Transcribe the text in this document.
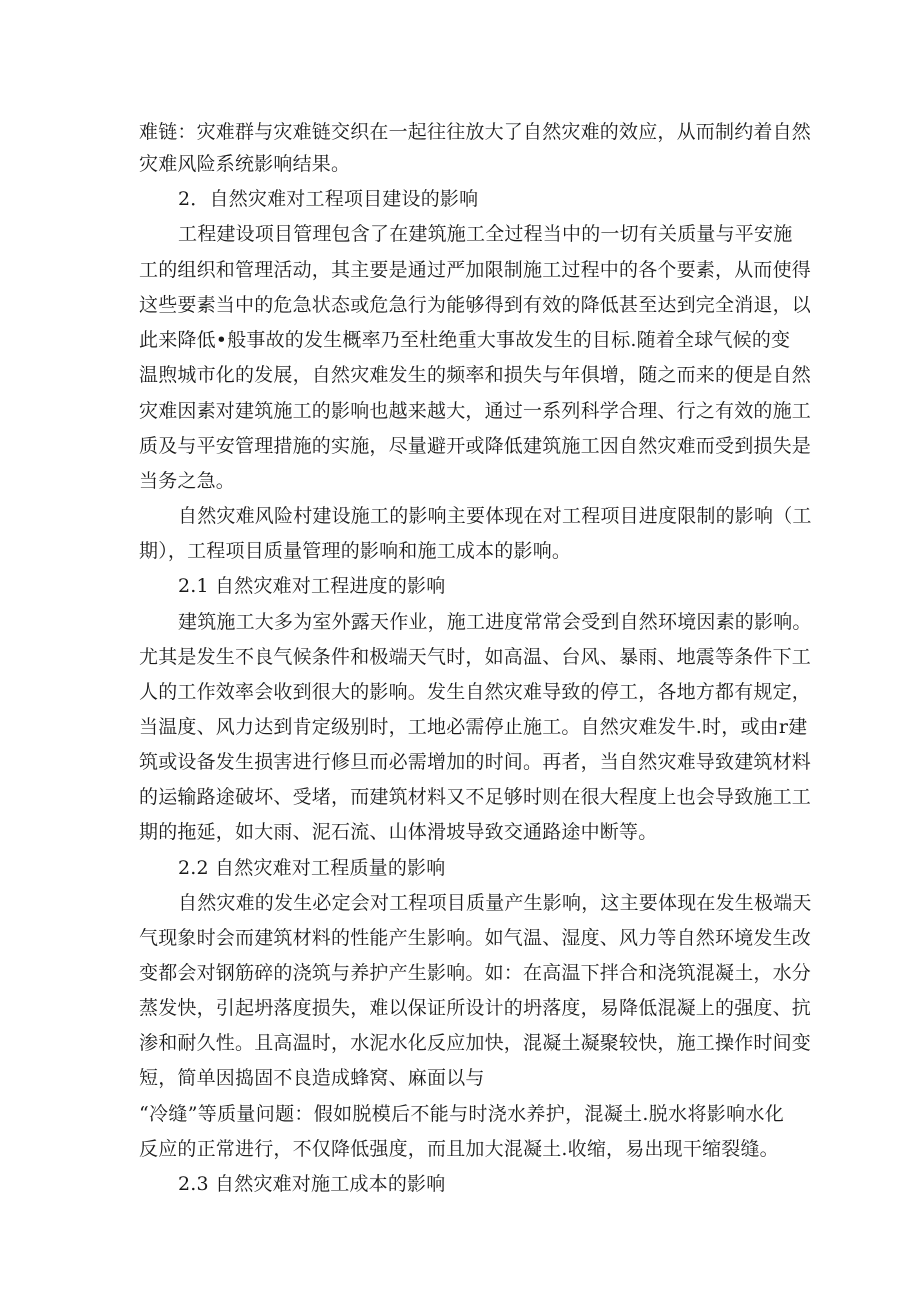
难链：灾难群与灾难链交织在一起往往放大了自然灾难的效应，从而制约着自然
灾难风险系统影响结果。
2．自然灾难对工程项目建设的影响
工程建设项目管理包含了在建筑施工全过程当中的一切有关质量与平安施
工的组织和管理活动，其主要是通过严加限制施工过程中的各个要素，从而使得
这些要素当中的危急状态或危急行为能够得到有效的降低甚至达到完全消退，以
此来降低•般事故的发生概率乃至杜绝重大事故发生的目标.随着全球气候的变
温煦城市化的发展，自然灾难发生的频率和损失与年俱增，随之而来的便是自然
灾难因素对建筑施工的影响也越来越大，通过一系列科学合理、行之有效的施工
质及与平安管理措施的实施，尽量避开或降低建筑施工因自然灾难而受到损失是
当务之急。
自然灾难风险村建设施工的影响主要体现在对工程项目进度限制的影响（工
期），工程项目质量管理的影响和施工成本的影响。
2.1 自然灾难对工程进度的影响
建筑施工大多为室外露天作业，施工进度常常会受到自然环境因素的影响。
尤其是发生不良气候条件和极端天气时，如高温、台风、暴雨、地震等条件下工
人的工作效率会收到很大的影响。发生自然灾难导致的停工，各地方都有规定，
当温度、风力达到肯定级别时，工地必需停止施工。自然灾难发牛.时，或由r建
筑或设备发生损害进行修旦而必需增加的时间。再者，当自然灾难导致建筑材料
的运输路途破坏、受堵，而建筑材料又不足够时则在很大程度上也会导致施工工
期的拖延，如大雨、泥石流、山体滑坡导致交通路途中断等。
2.2 自然灾难对工程质量的影响
自然灾难的发生必定会对工程项目质量产生影响，这主要体现在发生极端天
气现象时会而建筑材料的性能产生影响。如气温、湿度、风力等自然环境发生改
变都会对钢筋碎的浇筑与养护产生影响。如：在高温下拌合和浇筑混凝土，水分
蒸发快，引起坍落度损失，难以保证所设计的坍落度，易降低混凝上的强度、抗
渗和耐久性。且高温时，水泥水化反应加快，混凝土凝聚较快，施工操作时间变
短，简单因捣固不良造成蜂窝、麻面以与
“冷缝”等质量问题：假如脱模后不能与时浇水养护，混凝土.脱水将影响水化
反应的正常进行，不仅降低强度，而且加大混凝土.收缩，易出现干缩裂缝。
2.3 自然灾难对施工成本的影响
